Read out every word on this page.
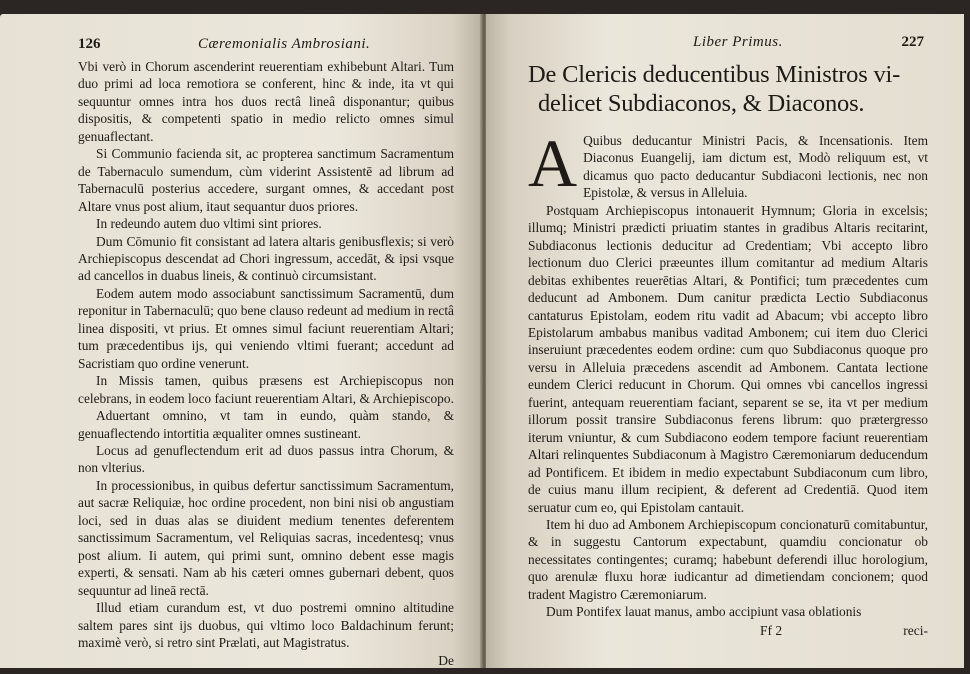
126	Cæremonialis Ambrosiani.

Vbi verò in Chorum ascenderint reuerentiam exhibebunt Altari. Tum duo primi ad loca remotiora se conferent, hinc & inde, ita vt qui sequuntur omnes intra hos duos rectâ lineâ disponantur; quibus dispositis, & competenti spatio in medio relicto omnes simul genuaflectant.

Si Communio facienda sit, ac propterea sanctimum Sacramentum de Tabernaculo sumendum, cùm viderint Assistentē ad librum ad Tabernaculū posterius accedere, surgant omnes, & accedant post Altare vnus post alium, itaut sequantur duos priores.

In redeundo autem duo vltimi sint priores.

Dum Cōmunio fit consistant ad latera altaris genibusflexis; si verò Archiepiscopus descendat ad Chori ingressum, accedāt, & ipsi vsque ad cancellos in duabus lineis, & continuò circumsistant.

Eodem autem modo associabunt sanctissimum Sacramentū, dum reponitur in Tabernaculū; quo bene clauso redeunt ad medium in rectâ linea dispositi, vt prius. Et omnes simul faciunt reuerentiam Altari; tum præcedentibus ijs, qui veniendo vltimi fuerant; accedunt ad Sacristiam quo ordine venerunt.

In Missis tamen, quibus præsens est Archiepiscopus non celebrans, in eodem loco faciunt reuerentiam Altari, & Archiepiscopo.

Aduertant omnino, vt tam in eundo, quàm stando, & genuaflectendo intortitia æqualiter omnes sustineant.

Locus ad genuflectendum erit ad duos passus intra Chorum, & non vlterius.

In processionibus, in quibus defertur sanctissimum Sacramentum, aut sacræ Reliquiæ, hoc ordine procedent, non bini nisi ob angustiam loci, sed in duas alas se diuident medium tenentes deferentem sanctissimum Sacramentum, vel Reliquias sacras, incedentesq; vnus post alium. Ii autem, qui primi sunt, omnino debent esse magis experti, & sensati. Nam ab his cæteri omnes gubernari debent, quos sequuntur ad lineā rectā.

Illud etiam curandum est, vt duo postremi omnino altitudine saltem pares sint ijs duobus, qui vltimo loco Baldachinum ferunt; maximè verò, si retro sint Prælati, aut Magistratus.

De
Liber Primus.	227
De Clericis deducentibus Ministros vi-
delicet Subdiaconos, & Diaconos.
A Quibus deducantur Ministri Pacis, & Incensationis. Item Diaconus Euangelij, iam dictum est, Modò reliquum est, vt dicamus quo pacto deducantur Subdiaconi lectionis, nec non Epistolæ, & versus in Alleluia.

Postquam Archiepiscopus intonauerit Hymnum; Gloria in excelsis; illumq; Ministri prædicti priuatim stantes in gradibus Altaris recitarint, Subdiaconus lectionis deducitur ad Credentiam; Vbi accepto libro lectionum duo Clerici præeuntes illum comitantur ad medium Altaris debitas exhibentes reuerētias Altari, & Pontifici; tum præcedentes cum deducunt ad Ambonem. Dum canitur prædicta Lectio Subdiaconus cantaturus Epistolam, eodem ritu vadit ad Abacum; vbi accepto libro Epistolarum ambabus manibus vaditad Ambonem; cui item duo Clerici inseruiunt præcedentes eodem ordine: cum quo Subdiaconus quoque pro versu in Alleluia præcedens ascendit ad Ambonem. Cantata lectione eundem Clerici reducunt in Chorum. Qui omnes vbi cancellos ingressi fuerint, antequam reuerentiam faciant, separent se se, ita vt per medium illorum possit transire Subdiaconus ferens librum: quo prætergresso iterum vniuntur, & cum Subdiacono eodem tempore faciunt reuerentiam Altari relinquentes Subdiaconum à Magistro Cæremoniarum deducendum ad Pontificem. Et ibidem in medio expectabunt Subdiaconum cum libro, de cuius manu illum recipient, & deferent ad Credentiā. Quod item seruatur cum eo, qui Epistolam cantauit.

Item hi duo ad Ambonem Archiepiscopum concionaturū comitabuntur, & in suggestu Cantorum expectabunt, quamdiu concionatur ob necessitates contingentes; curamq; habebunt deferendi illuc horologium, quo arenulæ fluxu horæ iudicantur ad dimetiendam concionem; quod tradent Magistro Cæremoniarum.

Dum Pontifex lauat manus, ambo accipiunt vasa oblationis

Ff 2	reci-
